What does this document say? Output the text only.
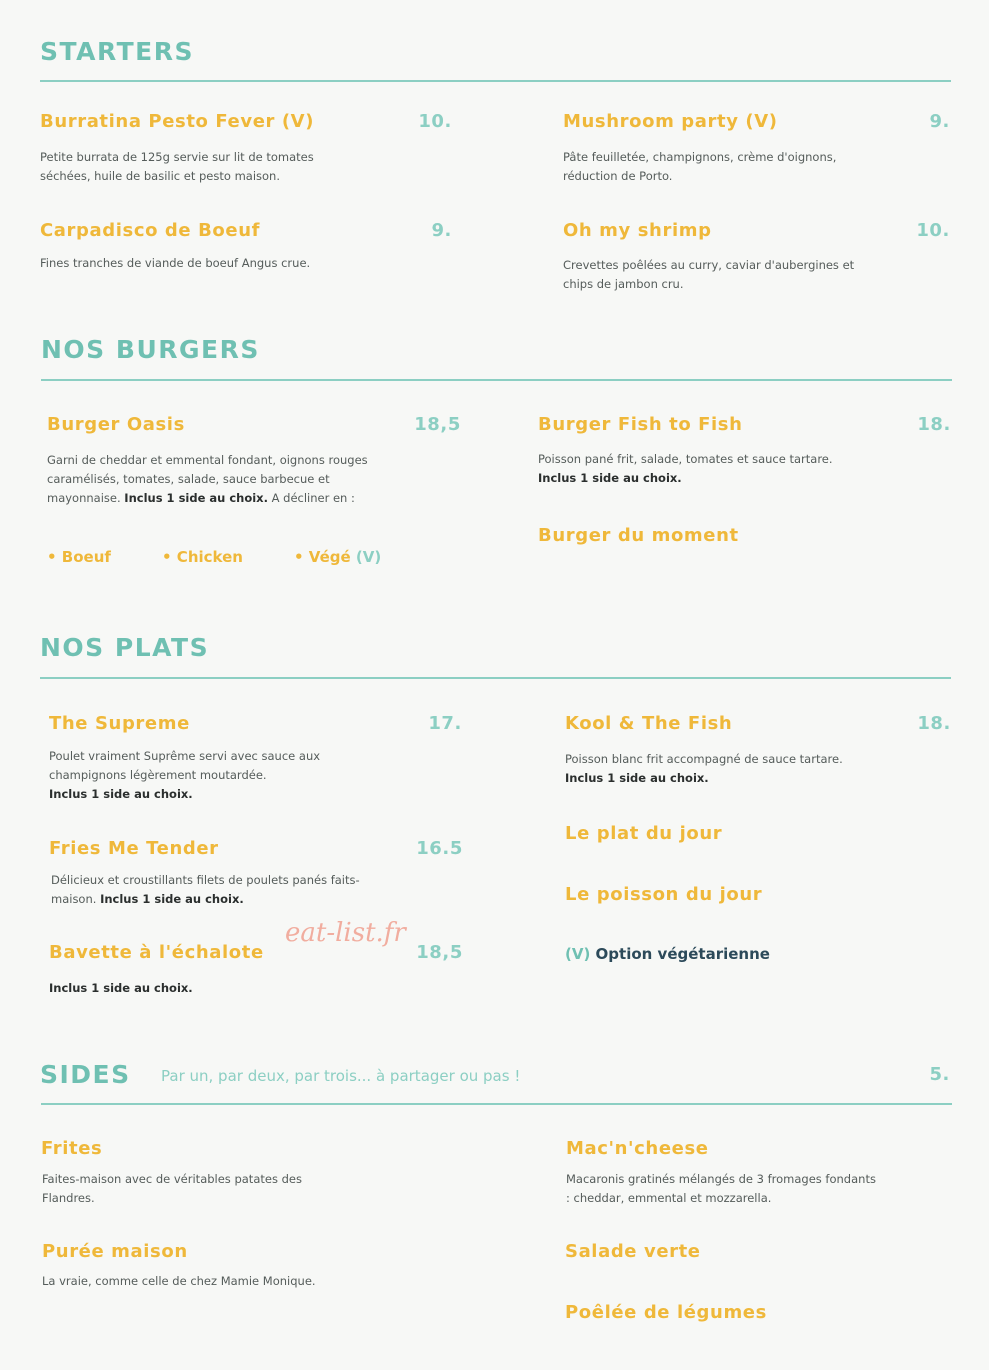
STARTERS
Burratina Pesto Fever (V)	10.
Petite burrata de 125g servie sur lit de tomates séchées, huile de basilic et pesto maison.
Mushroom party (V)	9.
Pâte feuilletée, champignons, crème d'oignons, réduction de Porto.
Carpadisco de Boeuf	9.
Fines tranches de viande de boeuf Angus crue.
Oh my shrimp	10.
Crevettes poêlées au curry, caviar d'aubergines et chips de jambon cru.
NOS BURGERS
Burger Oasis	18,5
Garni de cheddar et emmental fondant, oignons rouges caramélisés, tomates, salade, sauce barbecue et mayonnaise. Inclus 1 side au choix. A décliner en :
• Boeuf	• Chicken	• Végé (V)
Burger Fish to Fish	18.
Poisson pané frit, salade, tomates et sauce tartare.
Inclus 1 side au choix.
Burger du moment
NOS PLATS
The Supreme	17.
Poulet vraiment Suprême servi avec sauce aux champignons légèrement moutardée.
Inclus 1 side au choix.
Kool & The Fish	18.
Poisson blanc frit accompagné de sauce tartare.
Inclus 1 side au choix.
Fries Me Tender	16.5
Délicieux et croustillants filets de poulets panés faits-maison. Inclus 1 side au choix.
Le plat du jour
Le poisson du jour
Bavette à l'échalote	18,5
Inclus 1 side au choix.
(V) Option végétarienne
eat-list.fr
SIDES Par un, par deux, par trois... à partager ou pas !	5.
Frites
Faites-maison avec de véritables patates des Flandres.
Mac'n'cheese
Macaronis gratinés mélangés de 3 fromages fondants : cheddar, emmental et mozzarella.
Purée maison
La vraie, comme celle de chez Mamie Monique.
Salade verte
Poêlée de légumes
